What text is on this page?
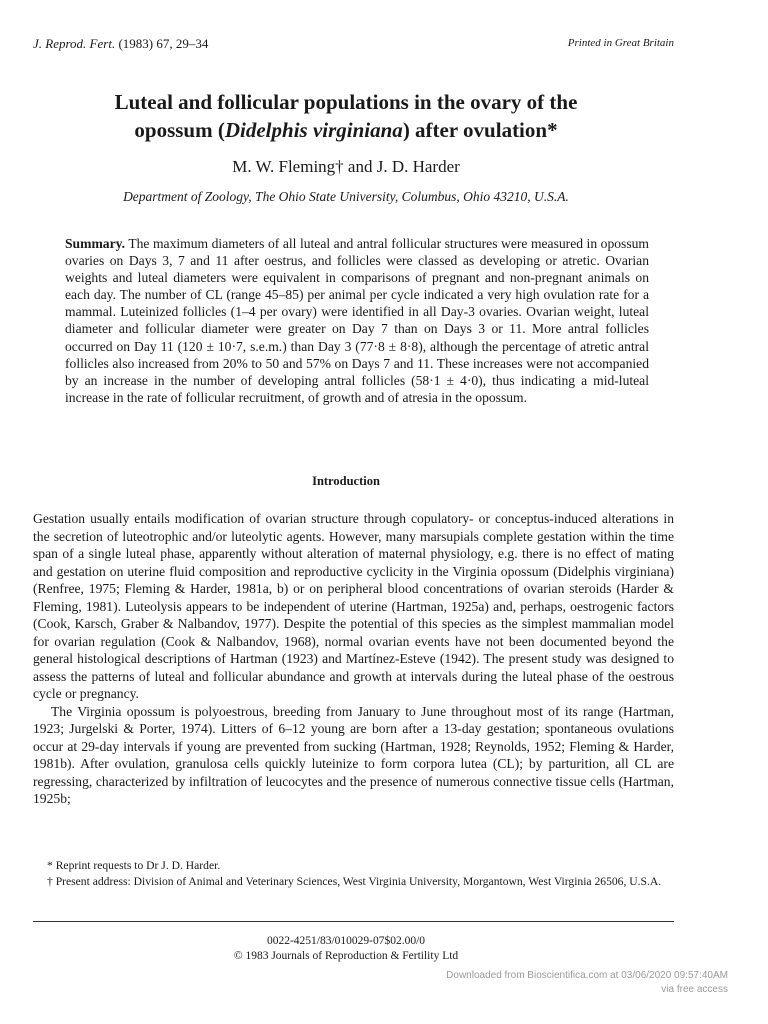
J. Reprod. Fert. (1983) 67, 29–34	Printed in Great Britain
Luteal and follicular populations in the ovary of the
opossum (Didelphis virginiana) after ovulation*
M. W. Fleming† and J. D. Harder
Department of Zoology, The Ohio State University, Columbus, Ohio 43210, U.S.A.

Summary. The maximum diameters of all luteal and antral follicular structures were measured in opossum ovaries on Days 3, 7 and 11 after oestrus, and follicles were classed as developing or atretic. Ovarian weights and luteal diameters were equivalent in comparisons of pregnant and non-pregnant animals on each day. The number of CL (range 45–85) per animal per cycle indicated a very high ovulation rate for a mammal. Luteinized follicles (1–4 per ovary) were identified in all Day-3 ovaries. Ovarian weight, luteal diameter and follicular diameter were greater on Day 7 than on Days 3 or 11. More antral follicles occurred on Day 11 (120 ± 10·7, s.e.m.) than Day 3 (77·8 ± 8·8), although the percentage of atretic antral follicles also increased from 20% to 50 and 57% on Days 7 and 11. These increases were not accompanied by an increase in the number of developing antral follicles (58·1 ± 4·0), thus indicating a mid-luteal increase in the rate of follicular recruitment, of growth and of atresia in the opossum.

Introduction

Gestation usually entails modification of ovarian structure through copulatory- or conceptus-induced alterations in the secretion of luteotrophic and/or luteolytic agents. However, many marsupials complete gestation within the time span of a single luteal phase, apparently without alteration of maternal physiology, e.g. there is no effect of mating and gestation on uterine fluid composition and reproductive cyclicity in the Virginia opossum (Didelphis virginiana) (Renfree, 1975; Fleming & Harder, 1981a, b) or on peripheral blood concentrations of ovarian steroids (Harder & Fleming, 1981). Luteolysis appears to be independent of uterine (Hartman, 1925a) and, perhaps, oestrogenic factors (Cook, Karsch, Graber & Nalbandov, 1977). Despite the potential of this species as the simplest mammalian model for ovarian regulation (Cook & Nalbandov, 1968), normal ovarian events have not been documented beyond the general histological descriptions of Hartman (1923) and Martínez-Esteve (1942). The present study was designed to assess the patterns of luteal and follicular abundance and growth at intervals during the luteal phase of the oestrous cycle or pregnancy.

The Virginia opossum is polyoestrous, breeding from January to June throughout most of its range (Hartman, 1923; Jurgelski & Porter, 1974). Litters of 6–12 young are born after a 13-day gestation; spontaneous ovulations occur at 29-day intervals if young are prevented from sucking (Hartman, 1928; Reynolds, 1952; Fleming & Harder, 1981b). After ovulation, granulosa cells quickly luteinize to form corpora lutea (CL); by parturition, all CL are regressing, characterized by infiltration of leucocytes and the presence of numerous connective tissue cells (Hartman, 1925b;

* Reprint requests to Dr J. D. Harder.

† Present address: Division of Animal and Veterinary Sciences, West Virginia University, Morgantown, West Virginia 26506, U.S.A.

0022-4251/83/010029-07$02.00/0
© 1983 Journals of Reproduction & Fertility Ltd
Downloaded from Bioscientifica.com at 03/06/2020 09:57:40AM
via free access
